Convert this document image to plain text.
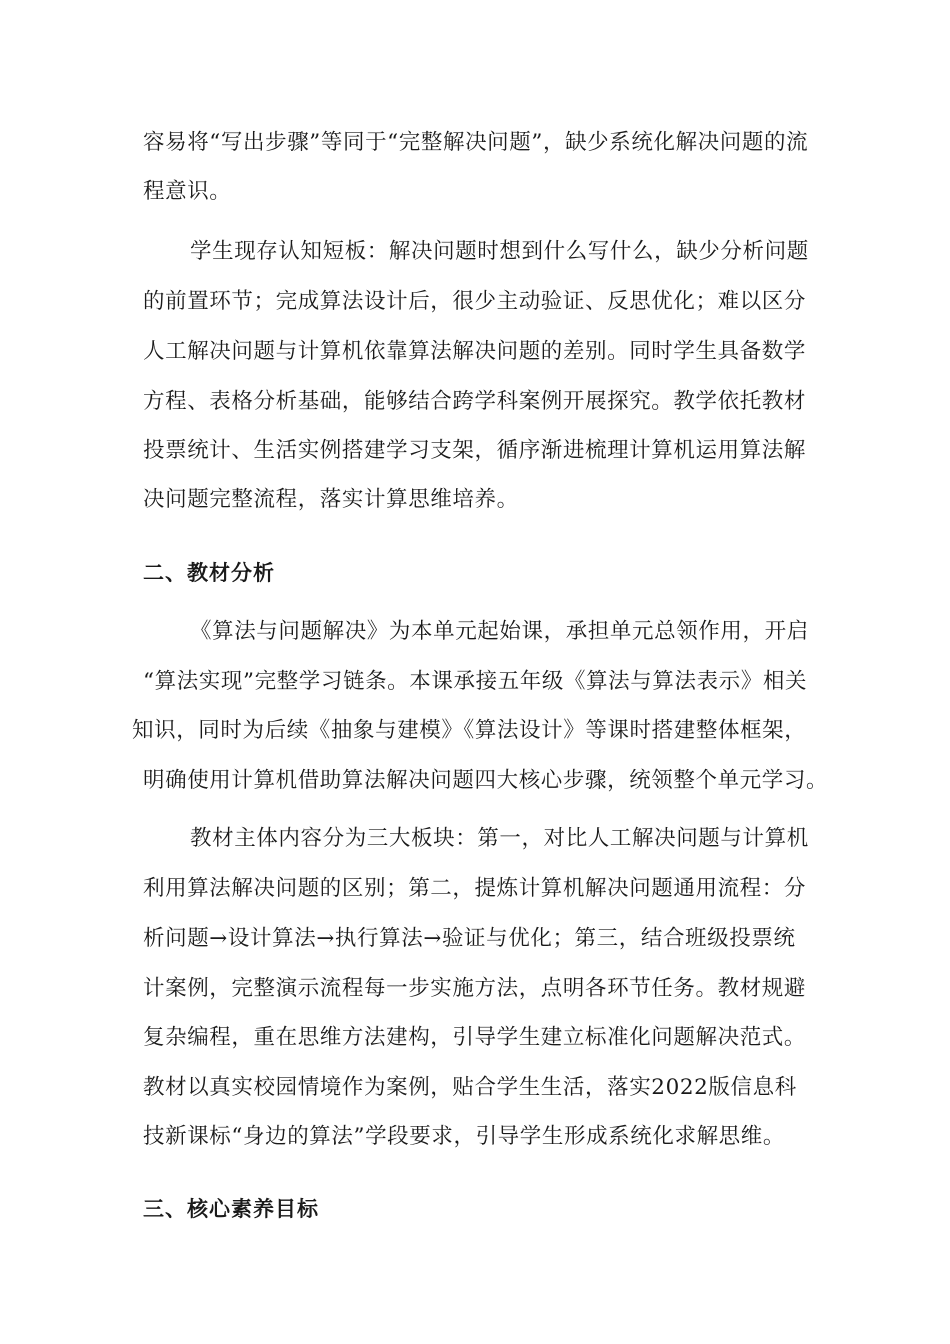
容易将“写出步骤”等同于“完整解决问题”，缺少系统化解决问题的流
程意识。
学生现存认知短板：解决问题时想到什么写什么，缺少分析问题
的前置环节；完成算法设计后，很少主动验证、反思优化；难以区分
人工解决问题与计算机依靠算法解决问题的差别。同时学生具备数学
方程、表格分析基础，能够结合跨学科案例开展探究。教学依托教材
投票统计、生活实例搭建学习支架，循序渐进梳理计算机运用算法解
决问题完整流程，落实计算思维培养。
二、教材分析
《算法与问题解决》为本单元起始课，承担单元总领作用，开启
“算法实现”完整学习链条。本课承接五年级《算法与算法表示》相关
知识，同时为后续《抽象与建模》《算法设计》等课时搭建整体框架，
明确使用计算机借助算法解决问题四大核心步骤，统领整个单元学习。
教材主体内容分为三大板块：第一，对比人工解决问题与计算机
利用算法解决问题的区别；第二，提炼计算机解决问题通用流程：分
析问题→设计算法→执行算法→验证与优化；第三，结合班级投票统
计案例，完整演示流程每一步实施方法，点明各环节任务。教材规避
复杂编程，重在思维方法建构，引导学生建立标准化问题解决范式。
教材以真实校园情境作为案例，贴合学生生活，落实2022版信息科
技新课标“身边的算法”学段要求，引导学生形成系统化求解思维。
三、核心素养目标
